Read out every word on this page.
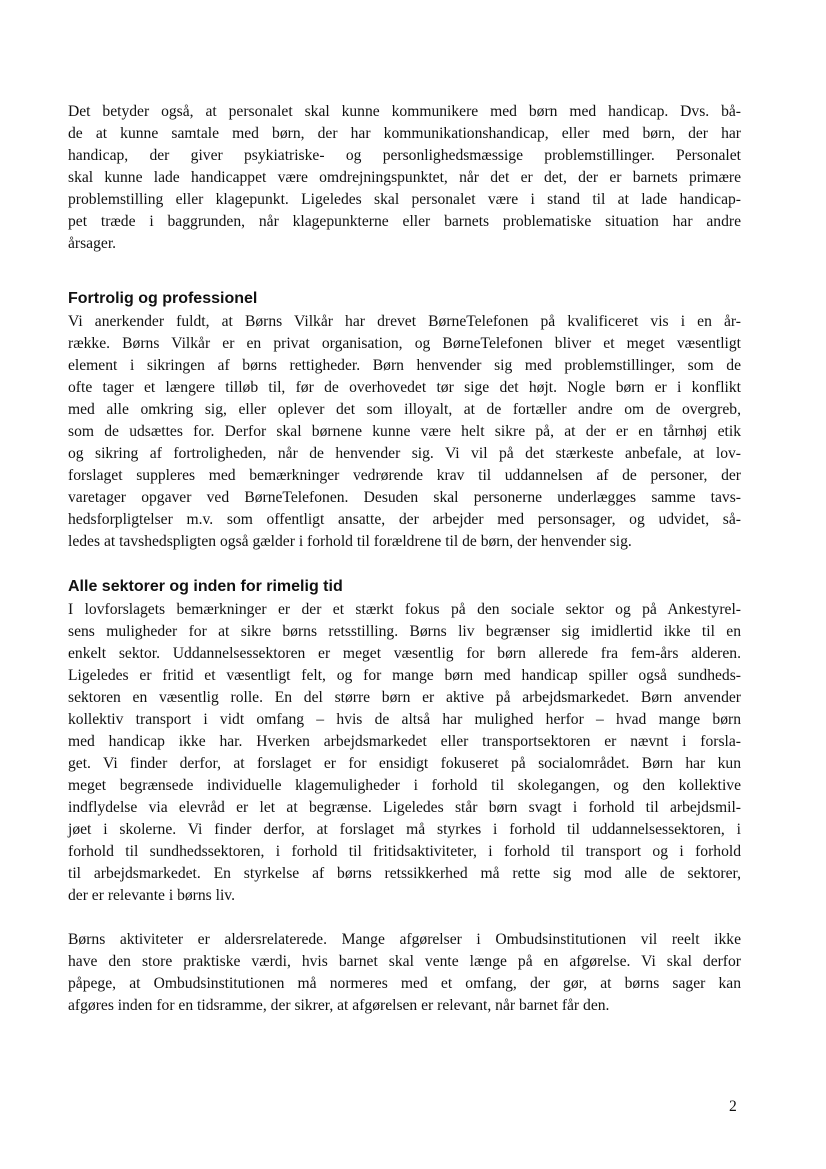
Det betyder også, at personalet skal kunne kommunikere med børn med handicap. Dvs. bå-
de at kunne samtale med børn, der har kommunikationshandicap, eller med børn, der har
handicap, der giver psykiatriske- og personlighedsmæssige problemstillinger. Personalet
skal kunne lade handicappet være omdrejningspunktet, når det er det, der er barnets primære
problemstilling eller klagepunkt. Ligeledes skal personalet være i stand til at lade handicap-
pet træde i baggrunden, når klagepunkterne eller barnets problematiske situation har andre
årsager.
Fortrolig og professionel
Vi anerkender fuldt, at Børns Vilkår har drevet BørneTelefonen på kvalificeret vis i en år-
række. Børns Vilkår er en privat organisation, og BørneTelefonen bliver et meget væsentligt
element i sikringen af børns rettigheder. Børn henvender sig med problemstillinger, som de
ofte tager et længere tilløb til, før de overhovedet tør sige det højt. Nogle børn er i konflikt
med alle omkring sig, eller oplever det som illoyalt, at de fortæller andre om de overgreb,
som de udsættes for. Derfor skal børnene kunne være helt sikre på, at der er en tårnhøj etik
og sikring af fortroligheden, når de henvender sig. Vi vil på det stærkeste anbefale, at lov-
forslaget suppleres med bemærkninger vedrørende krav til uddannelsen af de personer, der
varetager opgaver ved BørneTelefonen. Desuden skal personerne underlægges samme tavs-
hedsforpligtelser m.v. som offentligt ansatte, der arbejder med personsager, og udvidet, så-
ledes at tavshedspligten også gælder i forhold til forældrene til de børn, der henvender sig.
Alle sektorer og inden for rimelig tid
I lovforslagets bemærkninger er der et stærkt fokus på den sociale sektor og på Ankestyrel-
sens muligheder for at sikre børns retsstilling. Børns liv begrænser sig imidlertid ikke til en
enkelt sektor. Uddannelsessektoren er meget væsentlig for børn allerede fra fem-års alderen.
Ligeledes er fritid et væsentligt felt, og for mange børn med handicap spiller også sundheds-
sektoren en væsentlig rolle. En del større børn er aktive på arbejdsmarkedet. Børn anvender
kollektiv transport i vidt omfang – hvis de altså har mulighed herfor – hvad mange børn
med handicap ikke har. Hverken arbejdsmarkedet eller transportsektoren er nævnt i forsla-
get. Vi finder derfor, at forslaget er for ensidigt fokuseret på socialområdet. Børn har kun
meget begrænsede individuelle klagemuligheder i forhold til skolegangen, og den kollektive
indflydelse via elevråd er let at begrænse. Ligeledes står børn svagt i forhold til arbejdsmil-
jøet i skolerne. Vi finder derfor, at forslaget må styrkes i forhold til uddannelsessektoren, i
forhold til sundhedssektoren, i forhold til fritidsaktiviteter, i forhold til transport og i forhold
til arbejdsmarkedet. En styrkelse af børns retssikkerhed må rette sig mod alle de sektorer,
der er relevante i børns liv.
Børns aktiviteter er aldersrelaterede. Mange afgørelser i Ombudsinstitutionen vil reelt ikke
have den store praktiske værdi, hvis barnet skal vente længe på en afgørelse. Vi skal derfor
påpege, at Ombudsinstitutionen må normeres med et omfang, der gør, at børns sager kan
afgøres inden for en tidsramme, der sikrer, at afgørelsen er relevant, når barnet får den.
2
